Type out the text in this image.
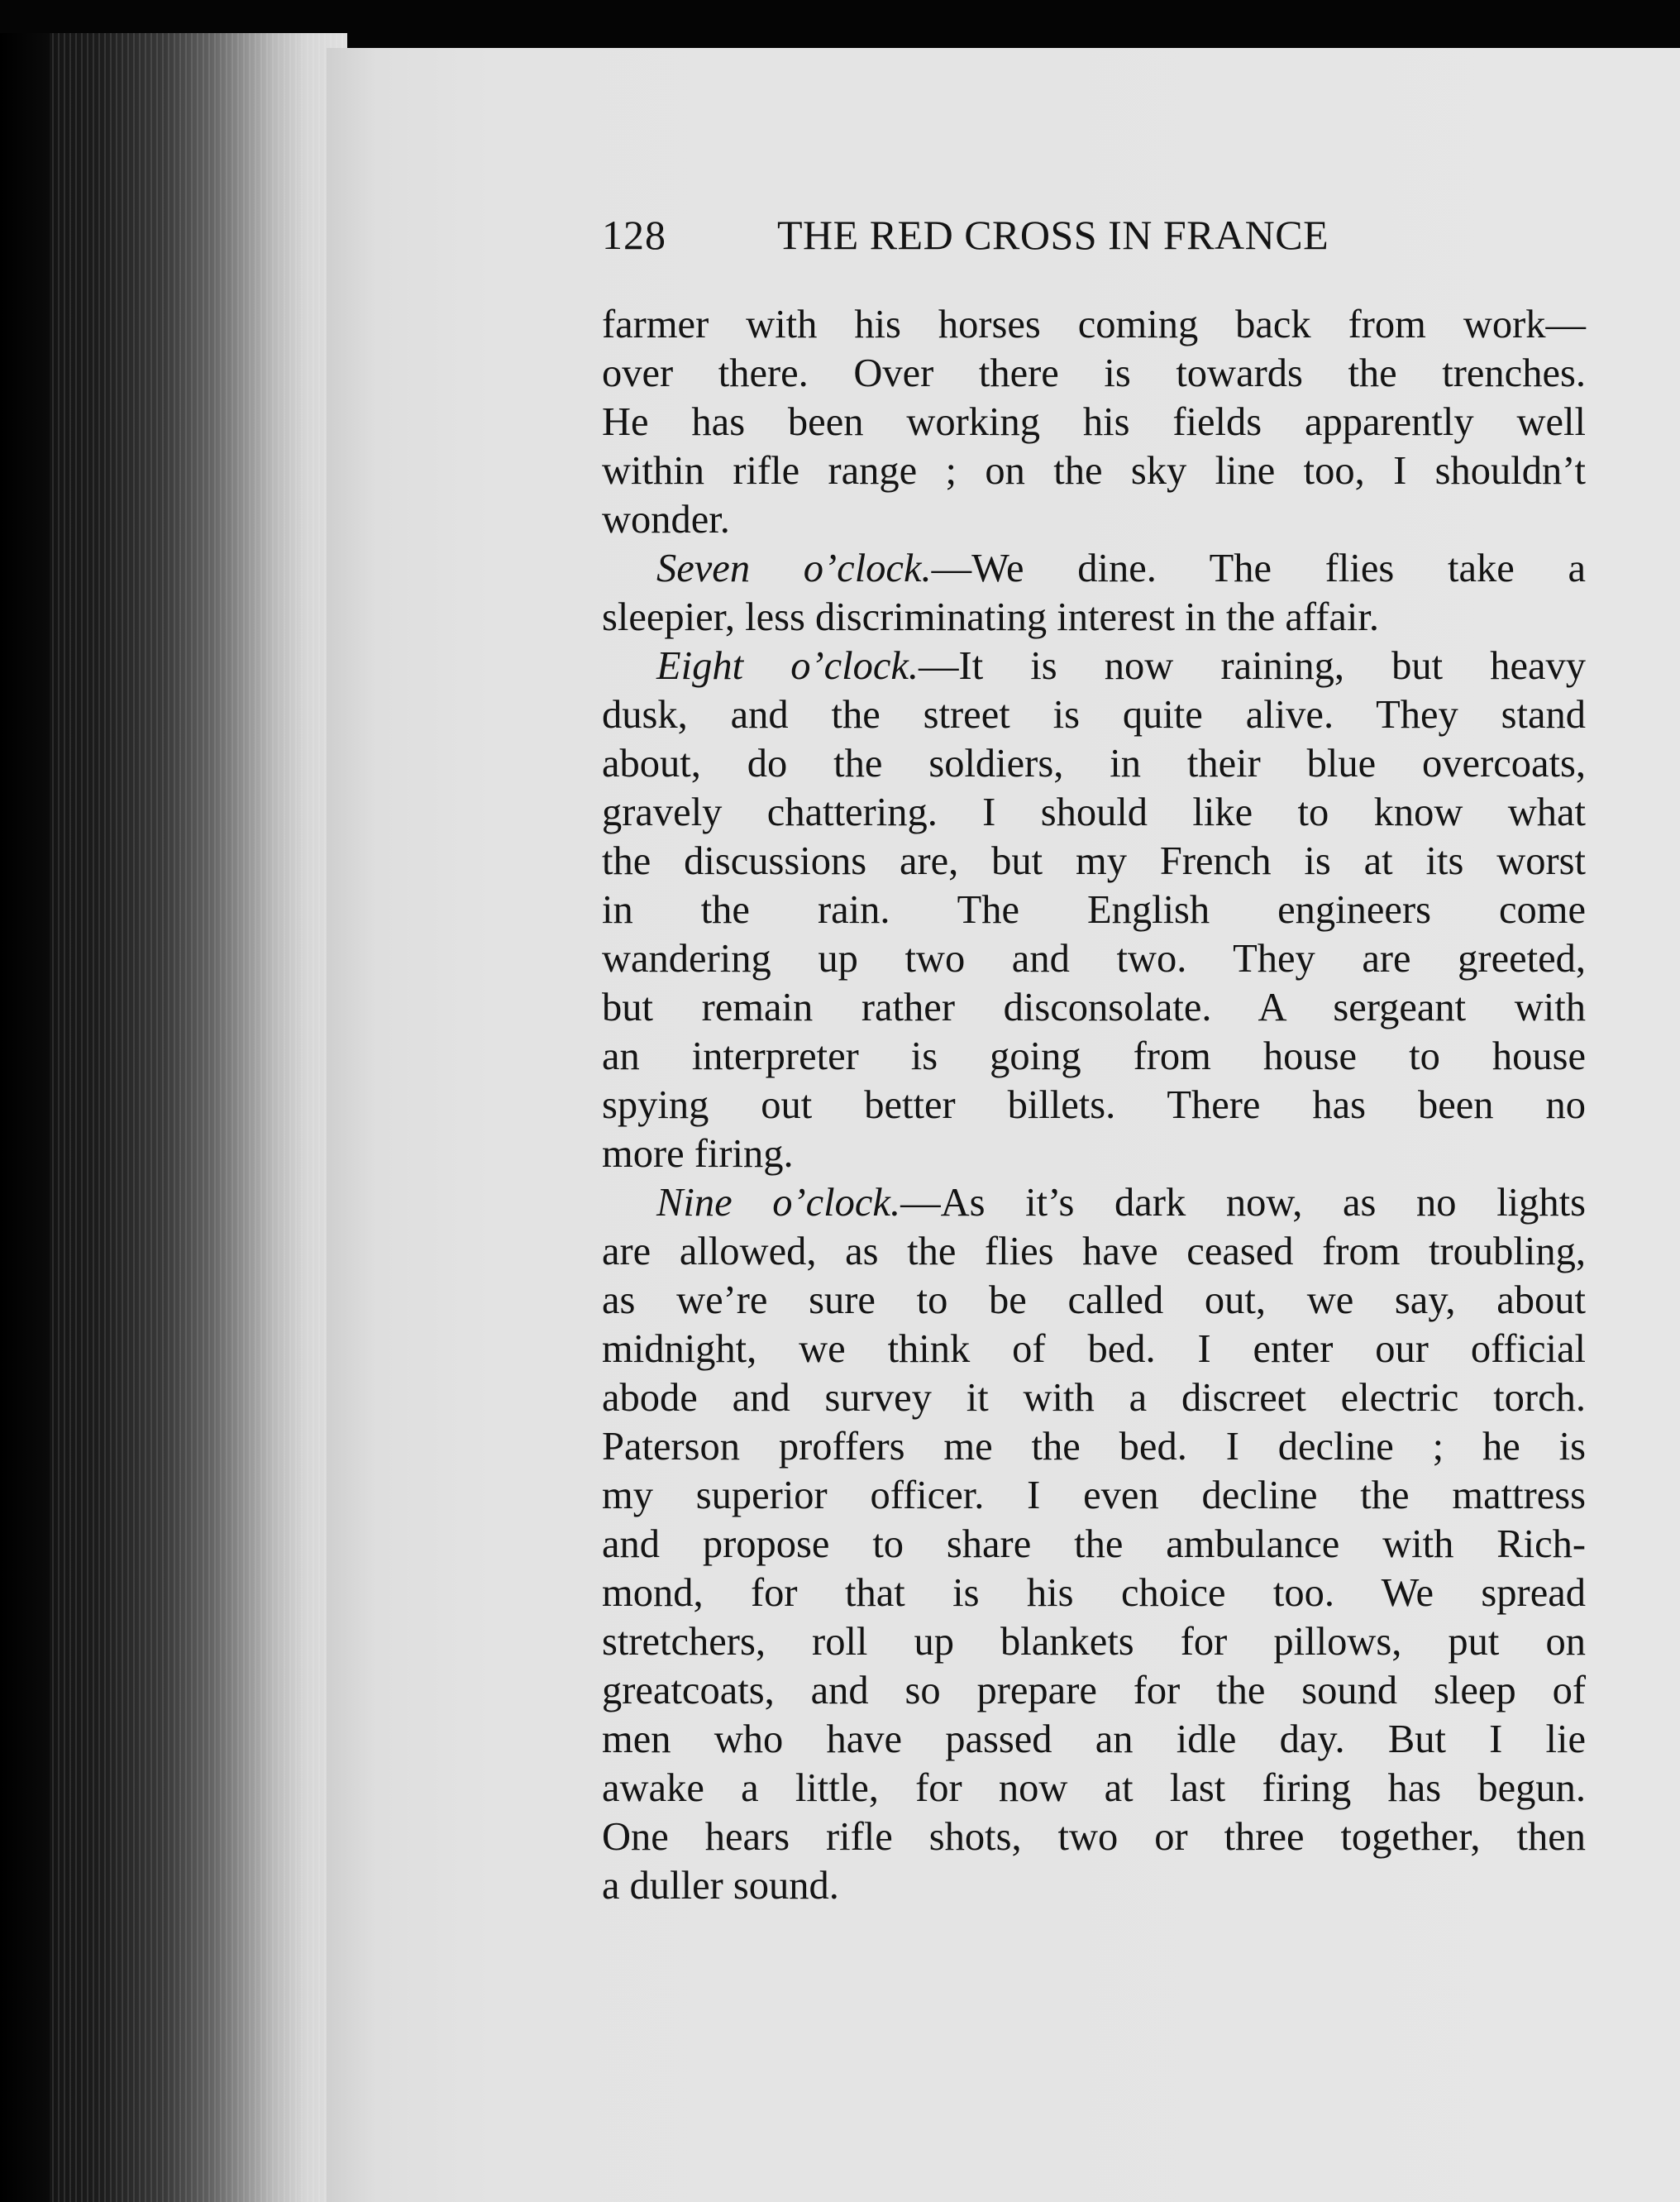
128	THE RED CROSS IN FRANCE
farmer with his horses coming back from work—
over there. Over there is towards the trenches.
He has been working his fields apparently well
within rifle range ; on the sky line too, I shouldn’t
wonder.
Seven o’clock.—We dine. The flies take a
sleepier, less discriminating interest in the affair.
Eight o’clock.—It is now raining, but heavy
dusk, and the street is quite alive. They stand
about, do the soldiers, in their blue overcoats,
gravely chattering. I should like to know what
the discussions are, but my French is at its worst
in the rain. The English engineers come
wandering up two and two. They are greeted,
but remain rather disconsolate. A sergeant with
an interpreter is going from house to house
spying out better billets. There has been no
more firing.
Nine o’clock.—As it’s dark now, as no lights
are allowed, as the flies have ceased from troubling,
as we’re sure to be called out, we say, about
midnight, we think of bed. I enter our official
abode and survey it with a discreet electric torch.
Paterson proffers me the bed. I decline ; he is
my superior officer. I even decline the mattress
and propose to share the ambulance with Rich-
mond, for that is his choice too. We spread
stretchers, roll up blankets for pillows, put on
greatcoats, and so prepare for the sound sleep of
men who have passed an idle day. But I lie
awake a little, for now at last firing has begun.
One hears rifle shots, two or three together, then
a duller sound.
